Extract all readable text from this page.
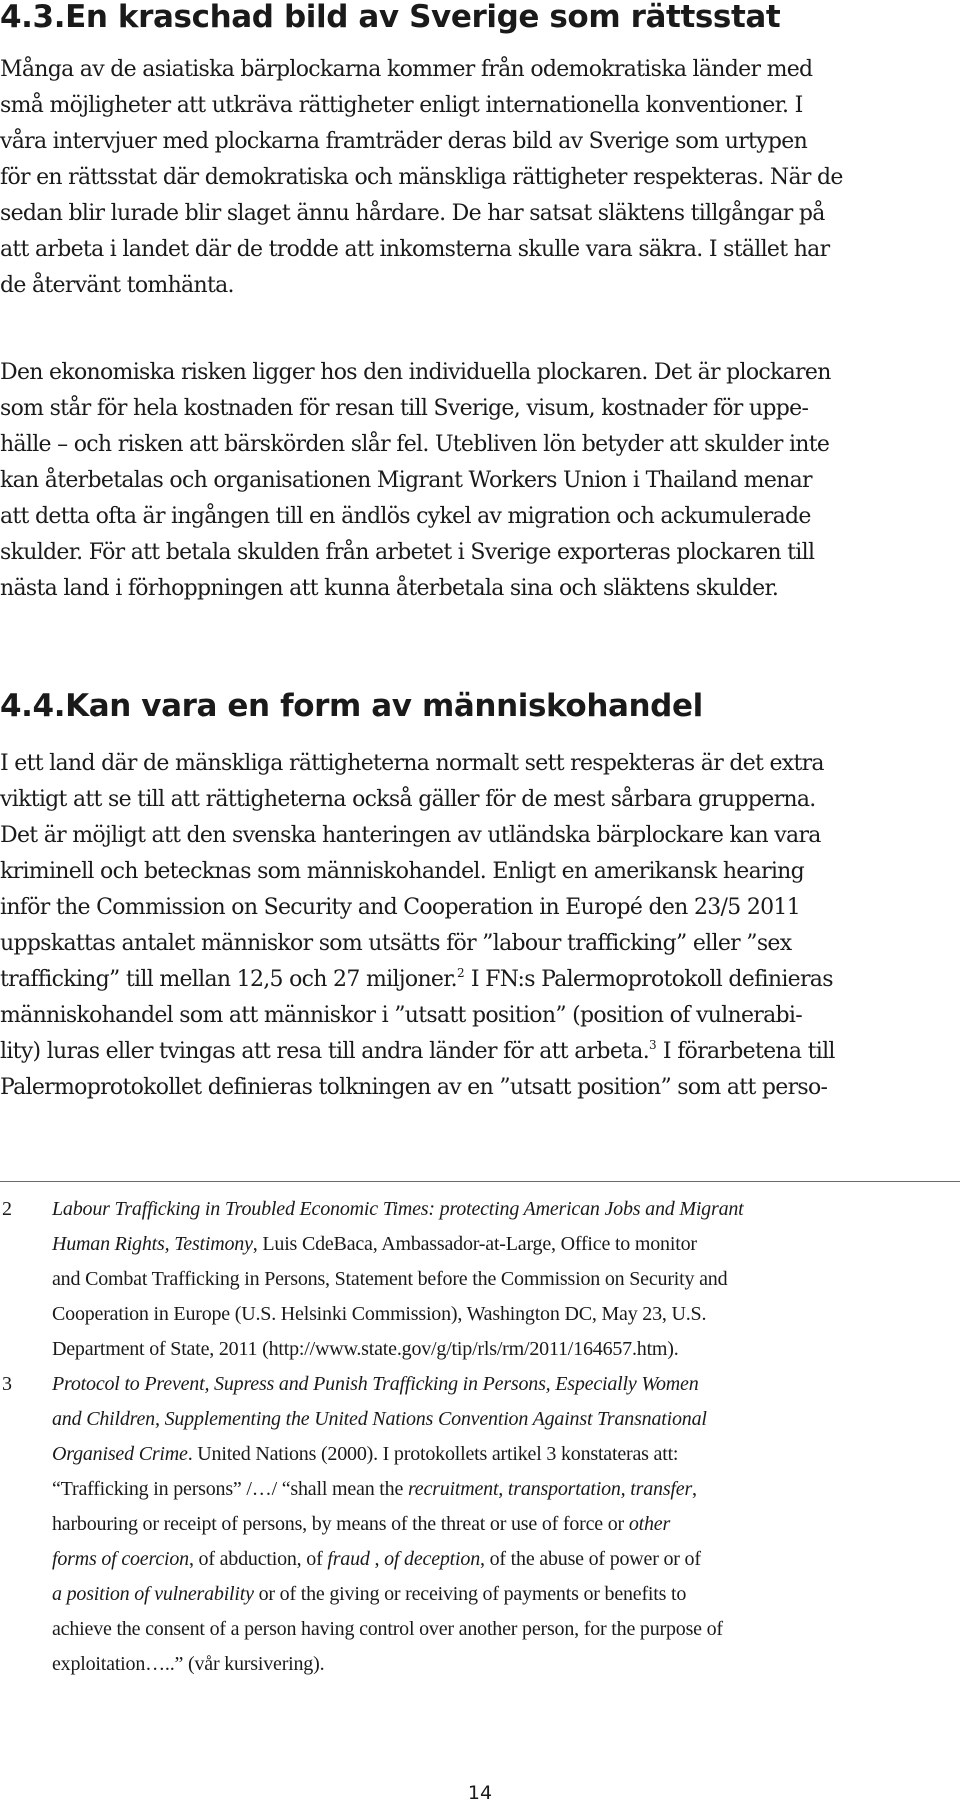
4.3.En kraschad bild av Sverige som rättsstat
Många av de asiatiska bärplockarna kommer från odemokratiska länder med
små möjligheter att utkräva rättigheter enligt internationella konventioner. I
våra intervjuer med plockarna framträder deras bild av Sverige som urtypen
för en rättsstat där demokratiska och mänskliga rättigheter respekteras. När de
sedan blir lurade blir slaget ännu hårdare. De har satsat släktens tillgångar på
att arbeta i landet där de trodde att inkomsterna skulle vara säkra. I stället har
de återvänt tomhänta.
Den ekonomiska risken ligger hos den individuella plockaren. Det är plockaren
som står för hela kostnaden för resan till Sverige, visum, kostnader för uppe-
hälle – och risken att bärskörden slår fel. Utebliven lön betyder att skulder inte
kan återbetalas och organisationen Migrant Workers Union i Thailand menar
att detta ofta är ingången till en ändlös cykel av migration och ackumulerade
skulder. För att betala skulden från arbetet i Sverige exporteras plockaren till
nästa land i förhoppningen att kunna återbetala sina och släktens skulder.
4.4.Kan vara en form av människohandel
I ett land där de mänskliga rättigheterna normalt sett respekteras är det extra
viktigt att se till att rättigheterna också gäller för de mest sårbara grupperna.
Det är möjligt att den svenska hanteringen av utländska bärplockare kan vara
kriminell och betecknas som människohandel. Enligt en amerikansk hearing
inför the Commission on Security and Cooperation in Europé den 23/5 2011
uppskattas antalet människor som utsätts för ”labour trafficking” eller ”sex
trafficking” till mellan 12,5 och 27 miljoner.$^2$ I FN:s Palermoprotokoll definieras
människohandel som att människor i ”utsatt position” (position of vulnerabi-
lity) luras eller tvingas att resa till andra länder för att arbeta.$^3$ I förarbetena till
Palermoprotokollet definieras tolkningen av en ”utsatt position” som att perso-
2 Labour Trafficking in Troubled Economic Times: protecting American Jobs and Migrant
Human Rights, Testimony, Luis CdeBaca, Ambassador-at-Large, Office to monitor
and Combat Trafficking in Persons, Statement before the Commission on Security and
Cooperation in Europe (U.S. Helsinki Commission), Washington DC, May 23, U.S.
Department of State, 2011 (http://www.state.gov/g/tip/rls/rm/2011/164657.htm).
3 Protocol to Prevent, Supress and Punish Trafficking in Persons, Especially Women
and Children, Supplementing the United Nations Convention Against Transnational
Organised Crime. United Nations (2000). I protokollets artikel 3 konstateras att:
“Trafficking in persons” /…/ “shall mean the recruitment, transportation, transfer,
harbouring or receipt of persons, by means of the threat or use of force or other
forms of coercion, of abduction, of fraud , of deception, of the abuse of power or of
a position of vulnerability or of the giving or receiving of payments or benefits to
achieve the consent of a person having control over another person, for the purpose of
exploitation…..” (vår kursivering).
14
